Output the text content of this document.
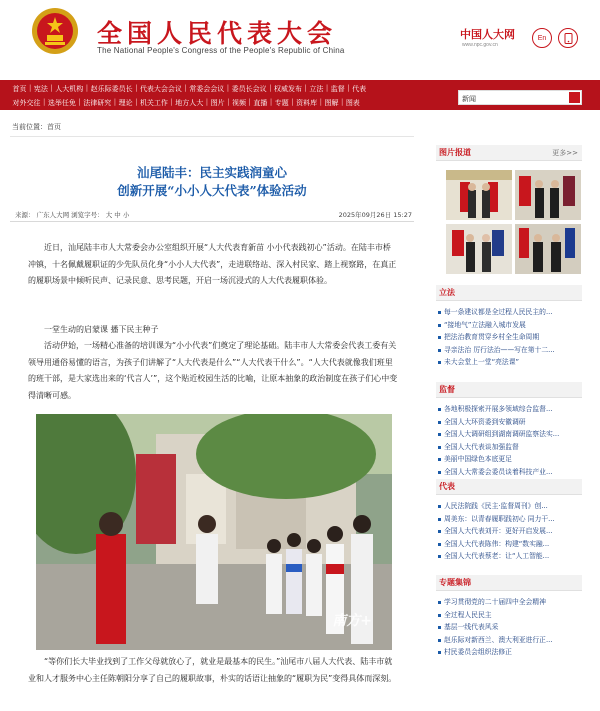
全国人民代表大会
The National People's Congress of the People's Republic of China
中国人大网
www.npc.gov.cn
En
首页 | 宪法 | 人大机构 | 赵乐际委员长 | 代表大会会议 | 常委会会议 | 委员长会议 | 权威发布 | 立法 | 监督 | 代表
对外交往 | 选举任免 | 法律研究 | 理论 | 机关工作 | 地方人大 | 图片 | 视频 | 直播 | 专题 | 资料库 | 图解 | 图表	新闻
当前位置：首页
汕尾陆丰：民主实践润童心
创新开展“小小人大代表”体验活动
来源： 广东人大网 浏览字号： 大 中 小	2025年09月26日 15:27
近日，汕尾陆丰市人大常委会办公室组织开展“人大代表育新苗 小小代表践初心”活动。在陆丰市桥冲镇，十名佩戴履职证的少先队员化身“小小人大代表”，走进联络站、深入村民家、踏上视察路，在真正的履职场景中倾听民声、记录民意、思考民题，开启一场沉浸式的人大代表履职体验。
一堂生动的启蒙课 播下民主种子
活动伊始，一场精心准备的培训课为“小小代表”们奠定了理论基础。陆丰市人大常委会代表工委有关领导用通俗易懂的语言，为孩子们讲解了“人大代表是什么”“人大代表干什么”。“人大代表就像我们班里的班干部，是大家选出来的‘代言人’”，这个贴近校园生活的比喻，让原本抽象的政治制度在孩子们心中变得清晰可感。
南方+
“等你们长大毕业找到了工作父母就放心了，就业是最基本的民生。”汕尾市八届人大代表、陆丰市就业和人才服务中心主任陈朝阳分享了自己的履职故事，朴实的话语让抽象的“履职为民”变得具体而深刻。
图片报道	更多>>
立法
每一条建议都是全过程人民民主的...
“接地气”立法融入城市发展
把法治教育贯穿乡村全生命周期
寻亲法治 厉行法治——写在第十二...
未大会堂上一堂“亮法课”
监督
各地积极探索开展多领域综合监督...
全国人大环资委到安徽调研
全国人大调研组到湖南调研监察法实...
全国人大代表谈加强监督
美丽中国绿色本底更足
全国人大常委会委员谈着科技产业...
代表
人民法院践《民主·监督周刊》创...
周美东：以青春履职践初心 同力干...
全国人大代表刘开：更好开启发展...
全国人大代表陈伟：构建“数实融...
全国人大代表蔡老：让“人工智能...
专题集锦
学习贯彻党的二十届四中全会精神
全过程人民民主
基层一线代表风采
赵乐际对新西兰、澳大利亚进行正...
村民委员会组织法修正
